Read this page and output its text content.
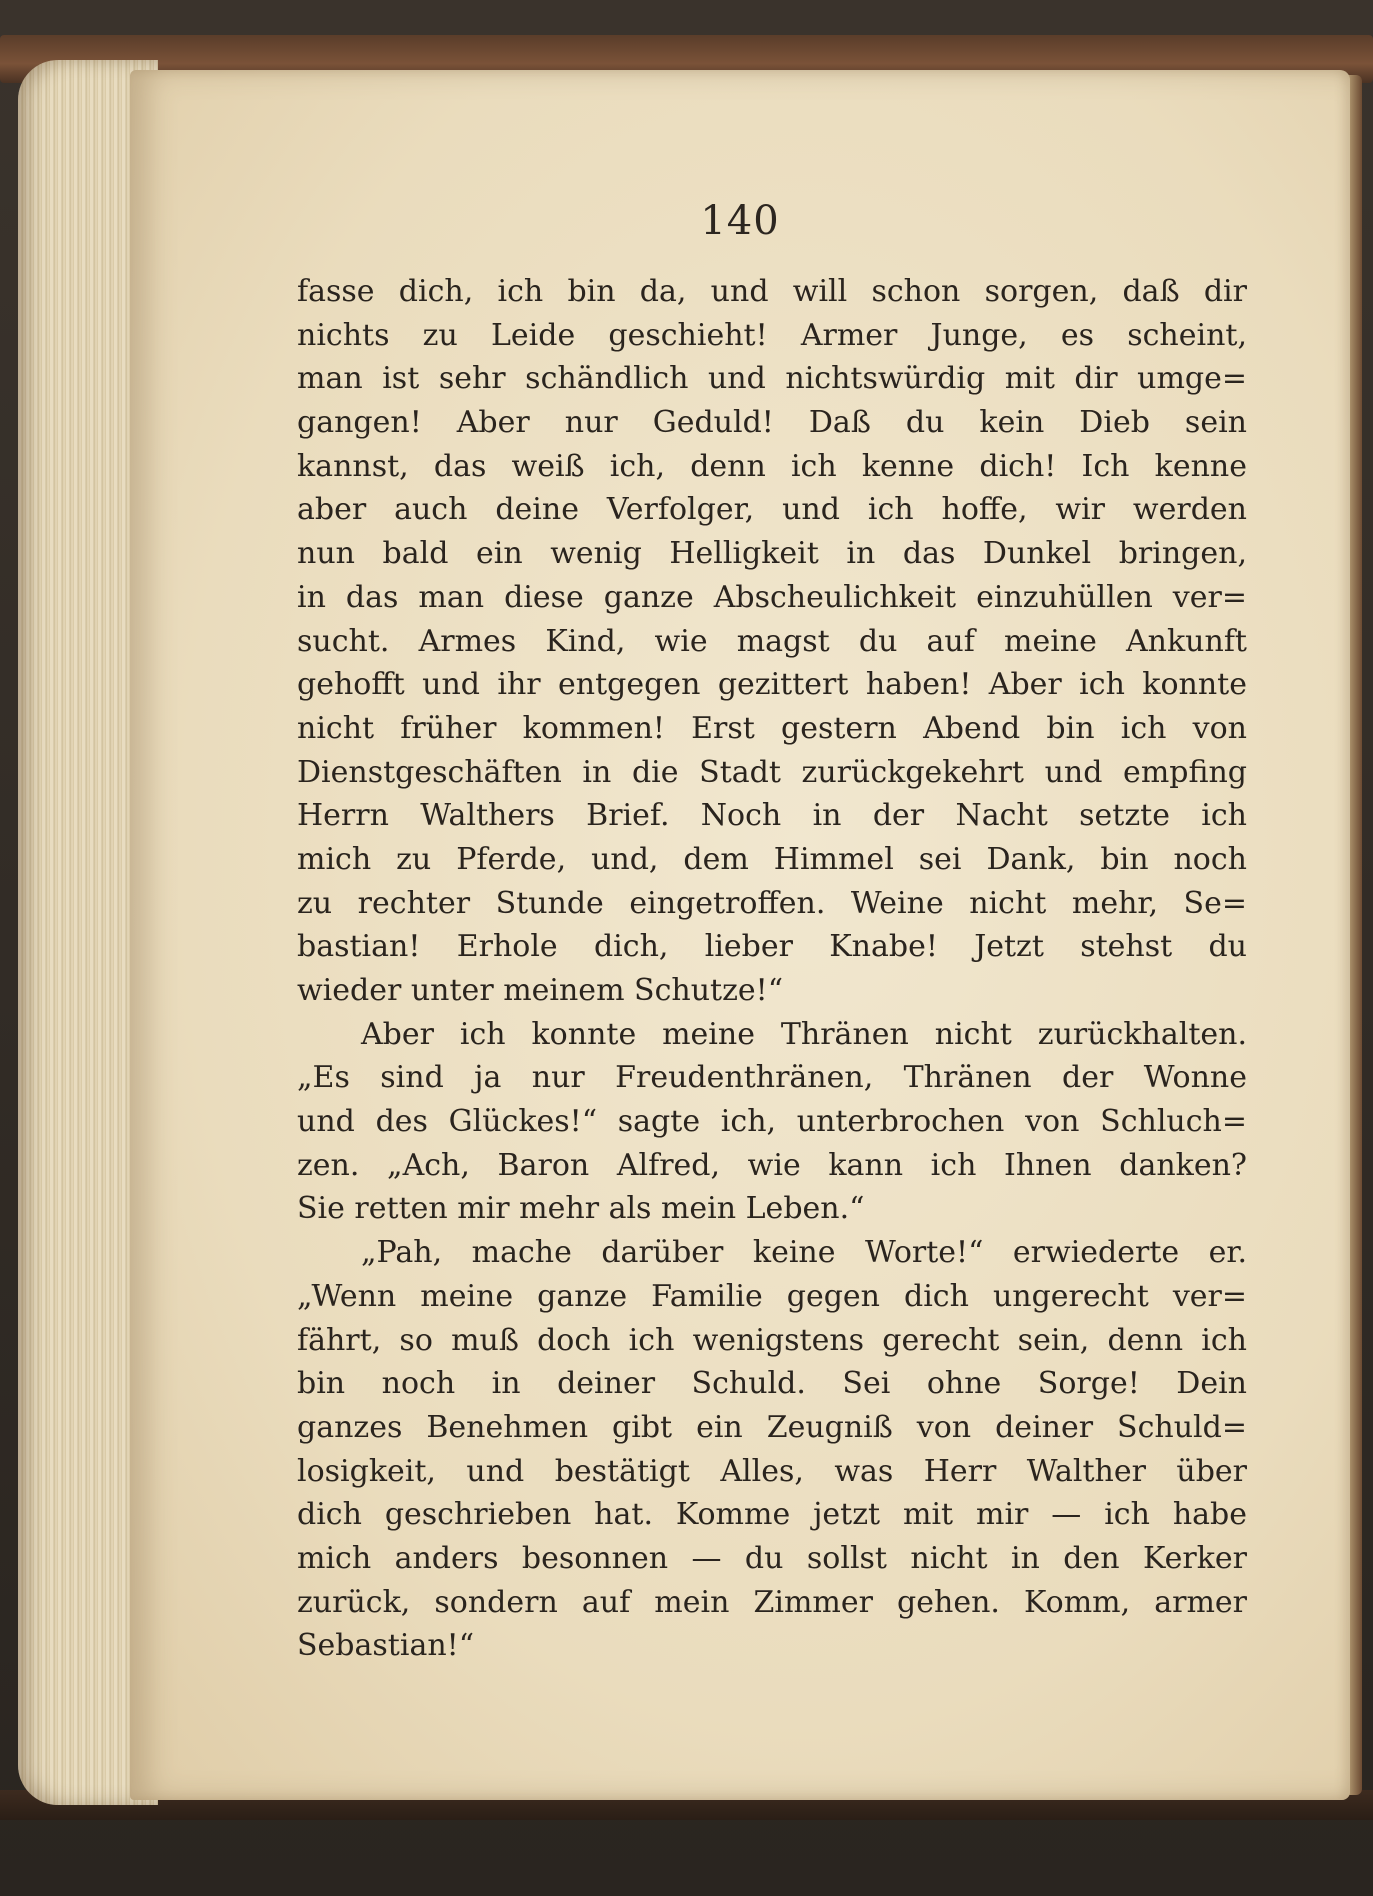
140
fasse dich, ich bin da, und will schon sorgen, daß dir
nichts zu Leide geschieht! Armer Junge, es scheint,
man ist sehr schändlich und nichtswürdig mit dir umge=
gangen! Aber nur Geduld! Daß du kein Dieb sein
kannst, das weiß ich, denn ich kenne dich! Ich kenne
aber auch deine Verfolger, und ich hoffe, wir werden
nun bald ein wenig Helligkeit in das Dunkel bringen,
in das man diese ganze Abscheulichkeit einzuhüllen ver=
sucht. Armes Kind, wie magst du auf meine Ankunft
gehofft und ihr entgegen gezittert haben! Aber ich konnte
nicht früher kommen! Erst gestern Abend bin ich von
Dienstgeschäften in die Stadt zurückgekehrt und empfing
Herrn Walthers Brief. Noch in der Nacht setzte ich
mich zu Pferde, und, dem Himmel sei Dank, bin noch
zu rechter Stunde eingetroffen. Weine nicht mehr, Se=
bastian! Erhole dich, lieber Knabe! Jetzt stehst du
wieder unter meinem Schutze!“
Aber ich konnte meine Thränen nicht zurückhalten.
„Es sind ja nur Freudenthränen, Thränen der Wonne
und des Glückes!“ sagte ich, unterbrochen von Schluch=
zen. „Ach, Baron Alfred, wie kann ich Ihnen danken?
Sie retten mir mehr als mein Leben.“
„Pah, mache darüber keine Worte!“ erwiederte er.
„Wenn meine ganze Familie gegen dich ungerecht ver=
fährt, so muß doch ich wenigstens gerecht sein, denn ich
bin noch in deiner Schuld. Sei ohne Sorge! Dein
ganzes Benehmen gibt ein Zeugniß von deiner Schuld=
losigkeit, und bestätigt Alles, was Herr Walther über
dich geschrieben hat. Komme jetzt mit mir — ich habe
mich anders besonnen — du sollst nicht in den Kerker
zurück, sondern auf mein Zimmer gehen. Komm, armer
Sebastian!“
